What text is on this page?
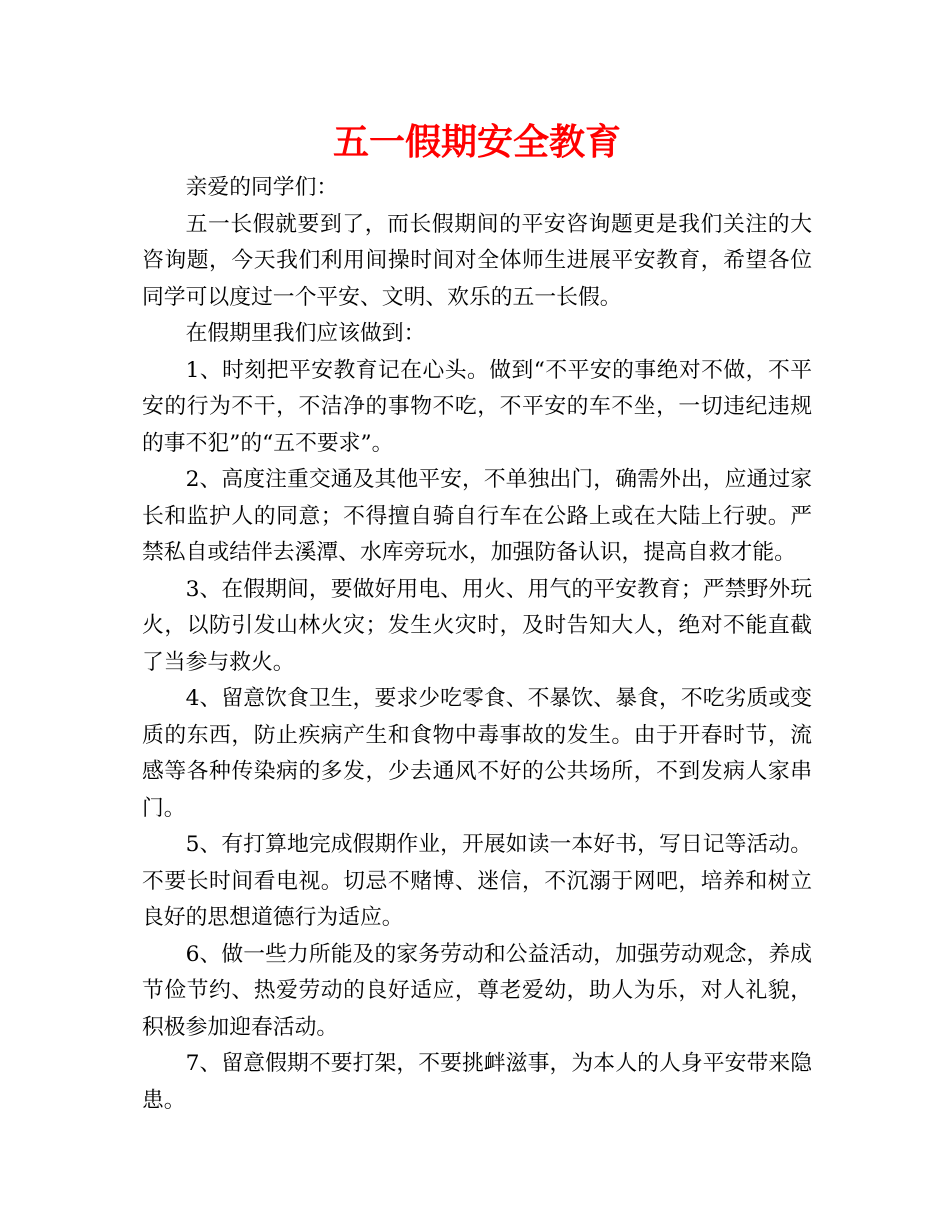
五一假期安全教育

亲爱的同学们：

五一长假就要到了，而长假期间的平安咨询题更是我们关注的大咨询题，今天我们利用间操时间对全体师生进展平安教育，希望各位同学可以度过一个平安、文明、欢乐的五一长假。

在假期里我们应该做到：

1、时刻把平安教育记在心头。做到“不平安的事绝对不做，不平安的行为不干，不洁净的事物不吃，不平安的车不坐，一切违纪违规的事不犯”的“五不要求”。

2、高度注重交通及其他平安，不单独出门，确需外出，应通过家长和监护人的同意；不得擅自骑自行车在公路上或在大陆上行驶。严禁私自或结伴去溪潭、水库旁玩水，加强防备认识，提高自救才能。

3、在假期间，要做好用电、用火、用气的平安教育；严禁野外玩火，以防引发山林火灾；发生火灾时，及时告知大人，绝对不能直截了当参与救火。

4、留意饮食卫生，要求少吃零食、不暴饮、暴食，不吃劣质或变质的东西，防止疾病产生和食物中毒事故的发生。由于开春时节，流感等各种传染病的多发，少去通风不好的公共场所，不到发病人家串门。

5、有打算地完成假期作业，开展如读一本好书，写日记等活动。不要长时间看电视。切忌不赌博、迷信，不沉溺于网吧，培养和树立良好的思想道德行为适应。

6、做一些力所能及的家务劳动和公益活动，加强劳动观念，养成节俭节约、热爱劳动的良好适应，尊老爱幼，助人为乐，对人礼貌，积极参加迎春活动。

7、留意假期不要打架，不要挑衅滋事，为本人的人身平安带来隐患。
